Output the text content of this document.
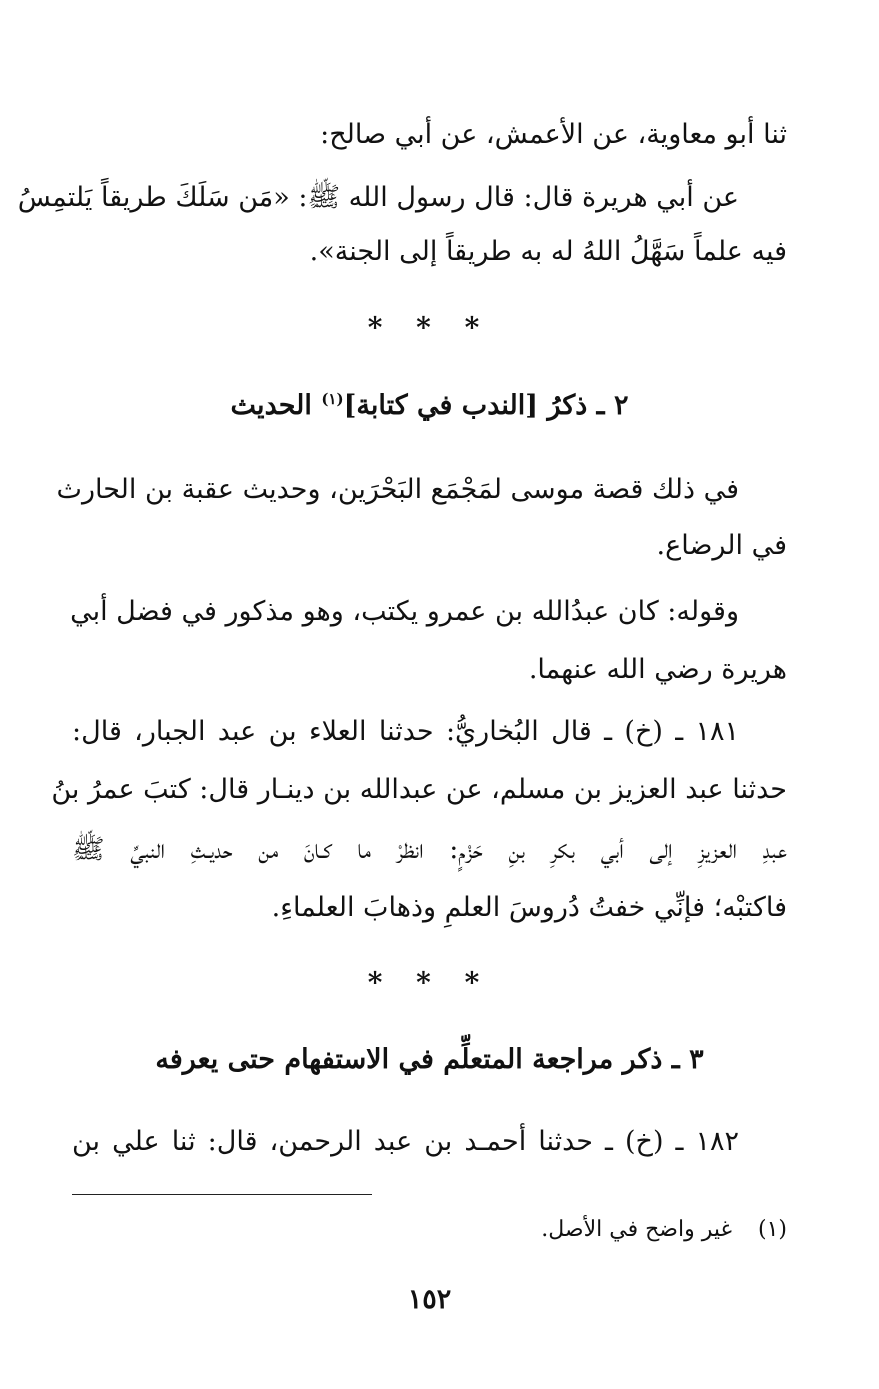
ثنا أبو معاوية، عن الأعمش، عن أبي صالح:
عن أبي هريرة قال: قال رسول الله ﷺ: «مَن سَلَكَ طريقاً يَلتمِسُ
فيه علماً سَهَّلُ اللهُ له به طريقاً إلى الجنة».
* * *
٢ ـ ذكرُ [الندب في كتابة]$^{(١)}$ الحديث
في ذلك قصة موسى لمَجْمَع البَحْرَين، وحديث عقبة بن الحارث
في الرضاع.
وقوله: كان عبدُالله بن عمرو يكتب، وهو مذكور في فضل أبي
هريرة رضي الله عنهما.
١٨١ ـ (خ) ـ قال البُخاريُّ: حدثنا العلاء بن عبد الجبار، قال:
حدثنا عبد العزيز بن مسلم، عن عبدالله بن دينـار قال: كتبَ عمرُ بنُ
عبدِ العزيزِ إلى أبي بكرِ بنِ حَزْمٍ: انظرْ ما كـانَ من حديـثِ النبيِّ ﷺ
فاكتبْه؛ فإنِّي خفتُ دُروسَ العلمِ وذهابَ العلماءِ.
* * *
٣ ـ ذكر مراجعة المتعلِّم في الاستفهام حتى يعرفه
١٨٢ ـ (خ) ـ حدثنا أحمـد بن عبد الرحمن، قال: ثنا علي بن
(١)غير واضح في الأصل.
١٥٢
